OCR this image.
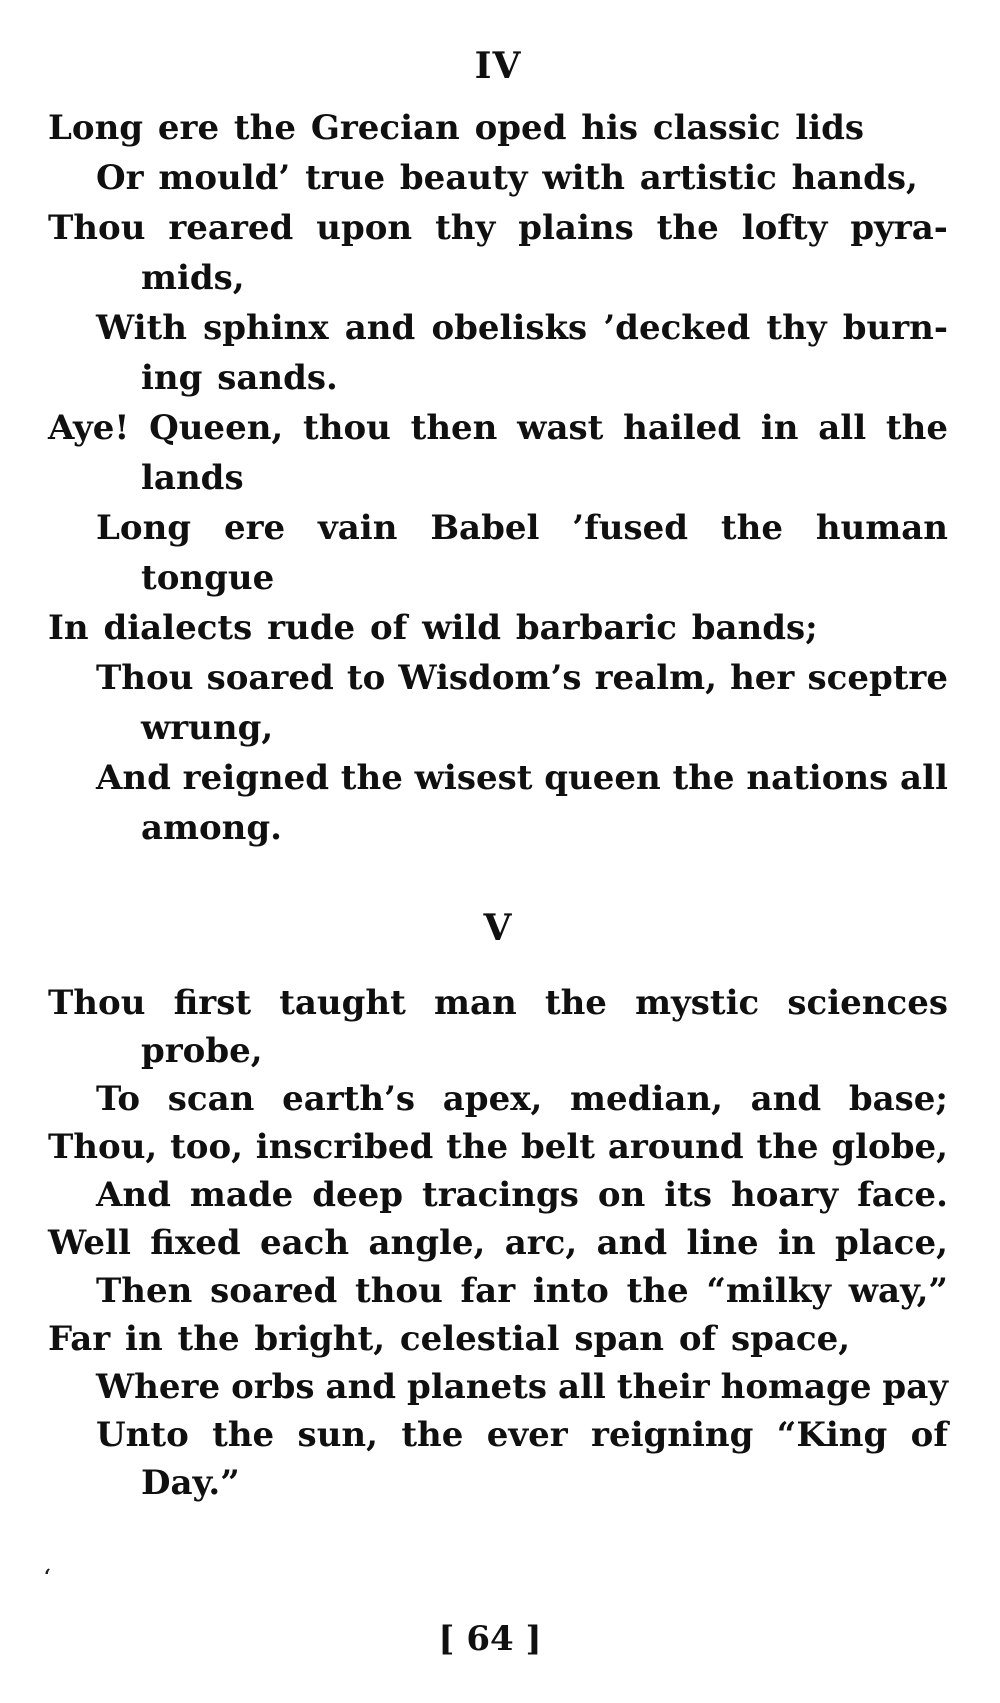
IV
Long ere the Grecian oped his classic lids
Or mould’ true beauty with artistic hands,
Thou reared upon thy plains the lofty pyra-
mids,
With sphinx and obelisks ’decked thy burn-
ing sands.
Aye! Queen, thou then wast hailed in all the
lands
Long ere vain Babel ’fused the human
tongue
In dialects rude of wild barbaric bands;
Thou soared to Wisdom’s realm, her sceptre
wrung,
And reigned the wisest queen the nations all
among.
V
Thou first taught man the mystic sciences
probe,
To scan earth’s apex, median, and base;
Thou, too, inscribed the belt around the globe,
And made deep tracings on its hoary face.
Well fixed each angle, arc, and line in place,
Then soared thou far into the “milky way,”
Far in the bright, celestial span of space,
Where orbs and planets all their homage pay
Unto the sun, the ever reigning “King of
Day.”
‘
[ 64 ]
